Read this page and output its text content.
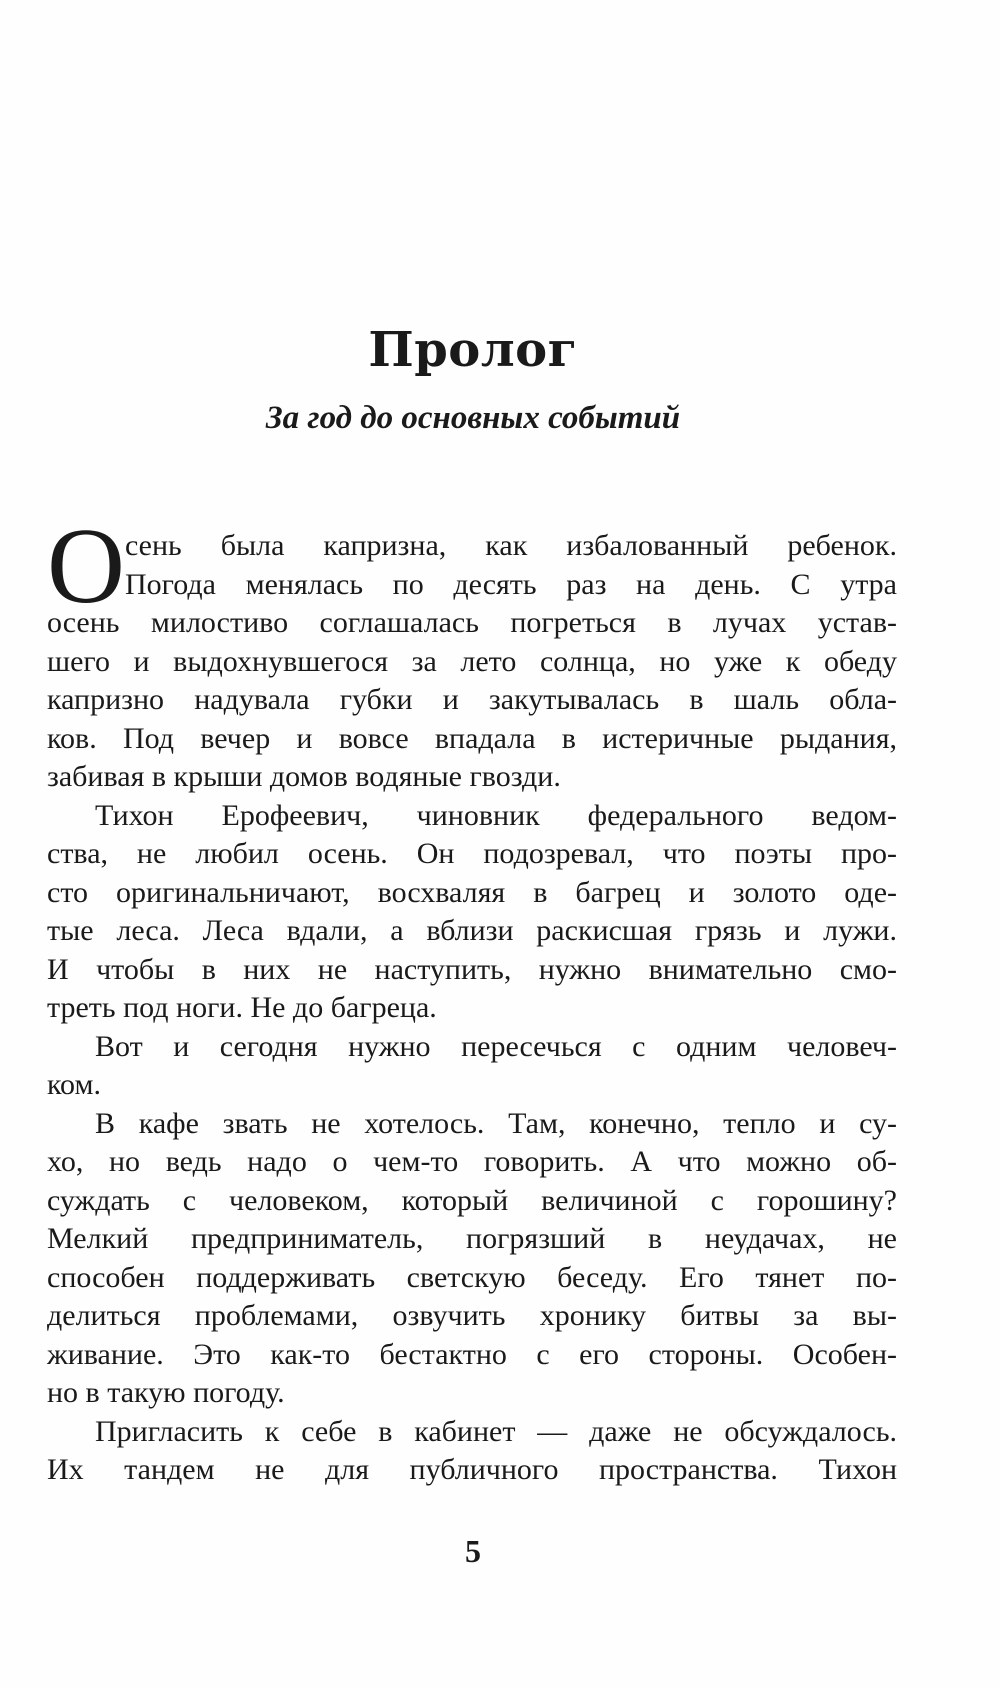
Пролог
За год до основных событий
О сень была капризна, как избалованный ребенок.
Погода менялась по десять раз на день. С утра
осень милостиво соглашалась погреться в лучах устав-
шего и выдохнувшегося за лето солнца, но уже к обеду
капризно надувала губки и закутывалась в шаль обла-
ков. Под вечер и вовсе впадала в истеричные рыдания,
забивая в крыши домов водяные гвозди.
Тихон Ерофеевич, чиновник федерального ведом-
ства, не любил осень. Он подозревал, что поэты про-
сто оригинальничают, восхваляя в багрец и золото оде-
тые леса. Леса вдали, а вблизи раскисшая грязь и лужи.
И чтобы в них не наступить, нужно внимательно смо-
треть под ноги. Не до багреца.
Вот и сегодня нужно пересечься с одним человеч-
ком.
В кафе звать не хотелось. Там, конечно, тепло и су-
хо, но ведь надо о чем-то говорить. А что можно об-
суждать с человеком, который величиной с горошину?
Мелкий предприниматель, погрязший в неудачах, не
способен поддерживать светскую беседу. Его тянет по-
делиться проблемами, озвучить хронику битвы за вы-
живание. Это как-то бестактно с его стороны. Особен-
но в такую погоду.
Пригласить к себе в кабинет — даже не обсуждалось.
Их тандем не для публичного пространства. Тихон
5
